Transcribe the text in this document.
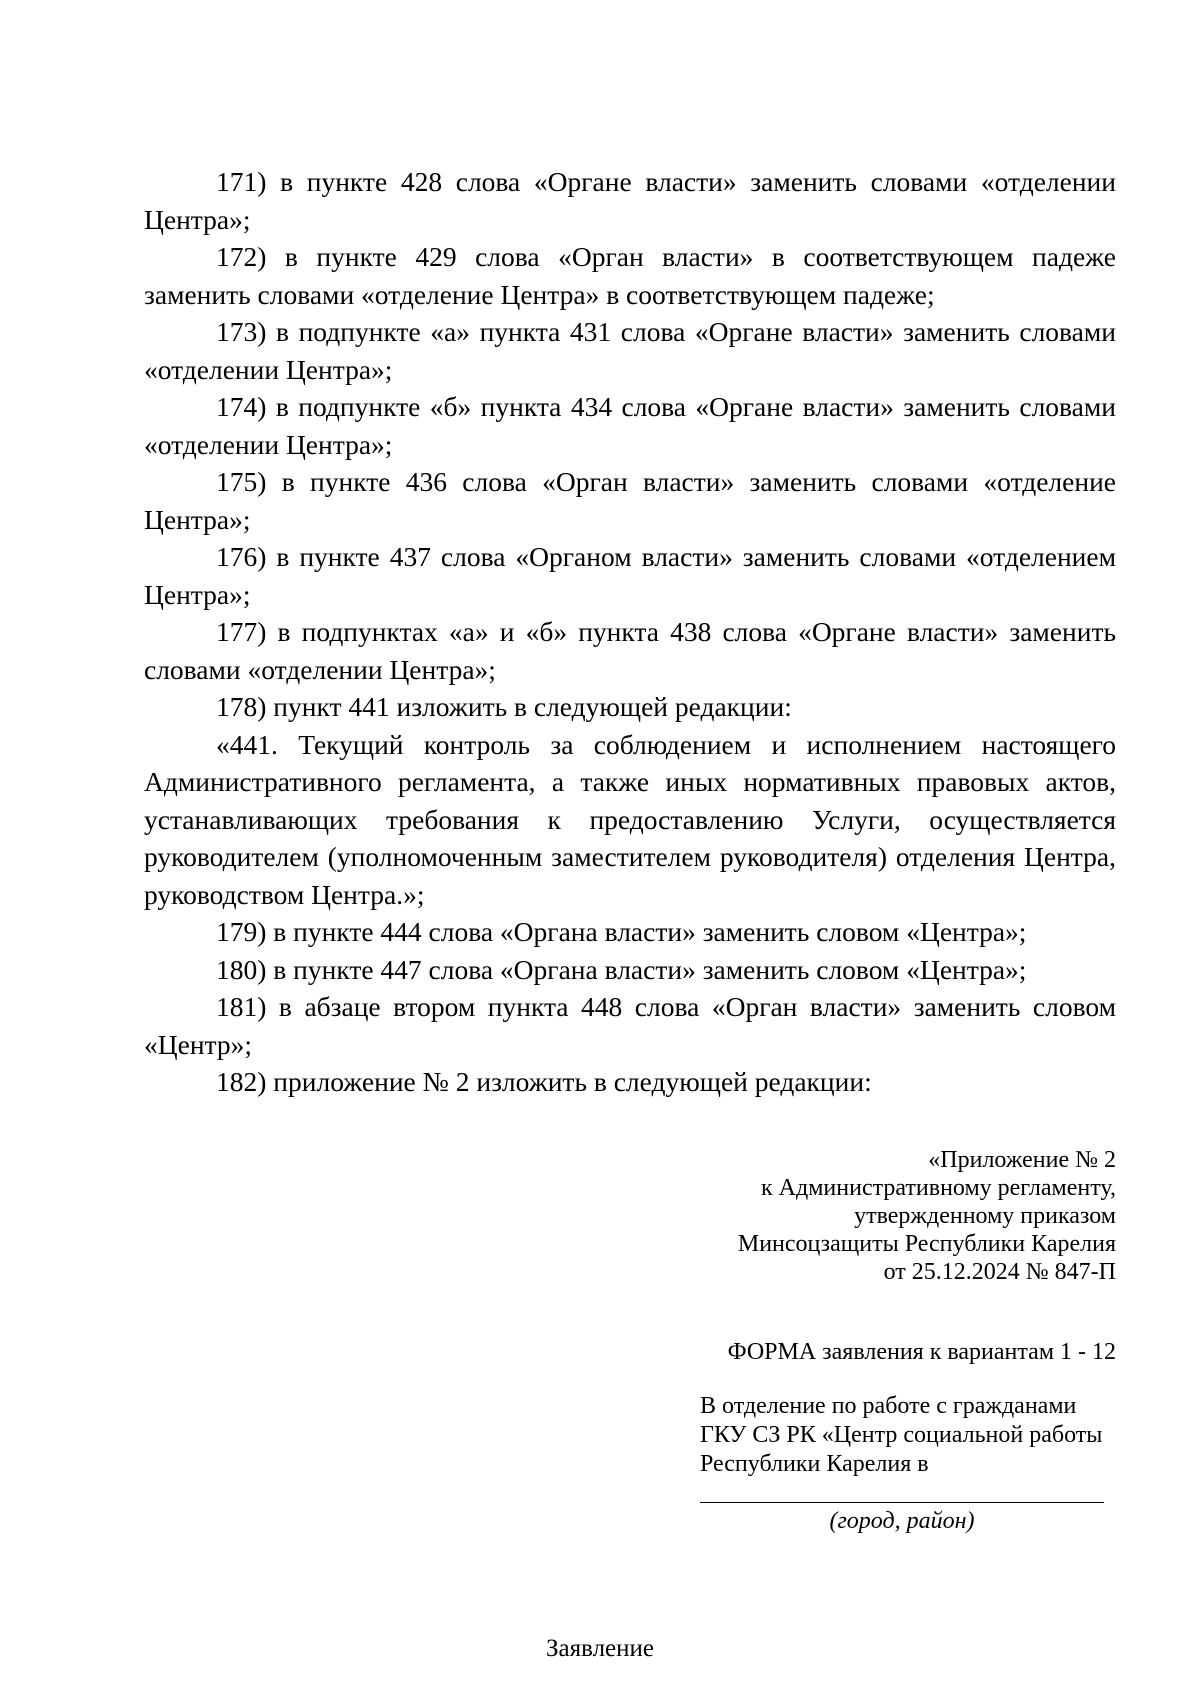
171) в пункте 428 слова «Органе власти» заменить словами «отделении Центра»;

172) в пункте 429 слова «Орган власти» в соответствующем падеже заменить словами «отделение Центра» в соответствующем падеже;

173) в подпункте «а» пункта 431 слова «Органе власти» заменить словами «отделении Центра»;

174) в подпункте «б» пункта 434 слова «Органе власти» заменить словами «отделении Центра»;

175) в пункте 436 слова «Орган власти» заменить словами «отделение Центра»;

176) в пункте 437 слова «Органом власти» заменить словами «отделением Центра»;

177) в подпунктах «а» и «б» пункта 438 слова «Органе власти» заменить словами «отделении Центра»;

178) пункт 441 изложить в следующей редакции:

«441. Текущий контроль за соблюдением и исполнением настоящего Административного регламента, а также иных нормативных правовых актов, устанавливающих требования к предоставлению Услуги, осуществляется руководителем (уполномоченным заместителем руководителя) отделения Центра, руководством Центра.»;

179) в пункте 444 слова «Органа власти» заменить словом «Центра»;

180) в пункте 447 слова «Органа власти» заменить словом «Центра»;

181) в абзаце втором пункта 448 слова «Орган власти» заменить словом «Центр»;

182) приложение № 2 изложить в следующей редакции:

«Приложение № 2
к Административному регламенту,
утвержденному приказом
Минсоцзащиты Республики Карелия
от 25.12.2024 № 847-П
ФОРМА заявления к вариантам 1 - 12
В отделение по работе с гражданами
ГКУ СЗ РК «Центр социальной работы
Республики Карелия в
(город, район)
Заявление
